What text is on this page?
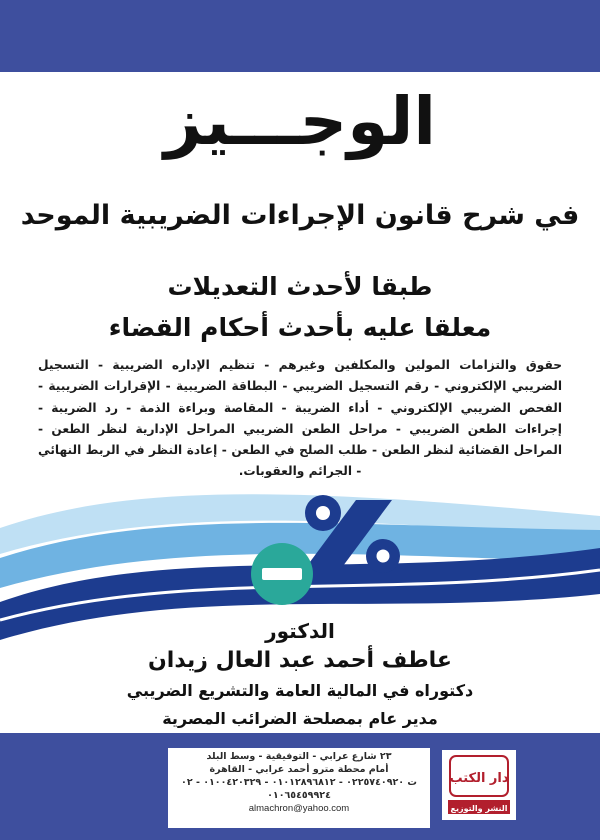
الوجـــيز
في شرح قانون الإجراءات الضريبية الموحد
طبقا لأحدث التعديلات
معلقا عليه بأحدث أحكام القضاء
حقوق والتزامات المولين والمكلفين وغيرهم - تنظيم الإداره الضريبية - التسجيل الضريبي الإلكتروني - رقم التسجيل الضريبي - البطاقة الضريبية - الإقرارات الضريبية - الفحص الضريبي الإلكتروني - أداء الضريبة - المقاصة وبراءة الذمة - رد الضريبة - إجراءات الطعن الضريبي - مراحل الطعن الضريبي المراحل الإدارية لنظر الطعن - المراحل القضائية لنظر الطعن - طلب الصلح في الطعن - إعادة النظر في الربط النهائي - الجرائم والعقوبات.
الدكتور
عاطف أحمد عبد العال زيدان
دكتوراه في المالية العامة والتشريع الضريبي
مدير عام بمصلحة الضرائب المصرية
٢٣ شارع عرابي - التوفيقية - وسط البلد
أمام محطة مترو أحمد عرابي - القاهرة
ت ٠٢٢٥٧٤٠٩٢٠ - ٠١٠١٢٨٩٦٨١٢ - ٠١٠٠٤٢٠٣٢٩ - ٠٢
٠١٠٦٥٤٥٩٩٢٤
almachron@yahoo.com
دار الكتب
النشر والتوزيع
